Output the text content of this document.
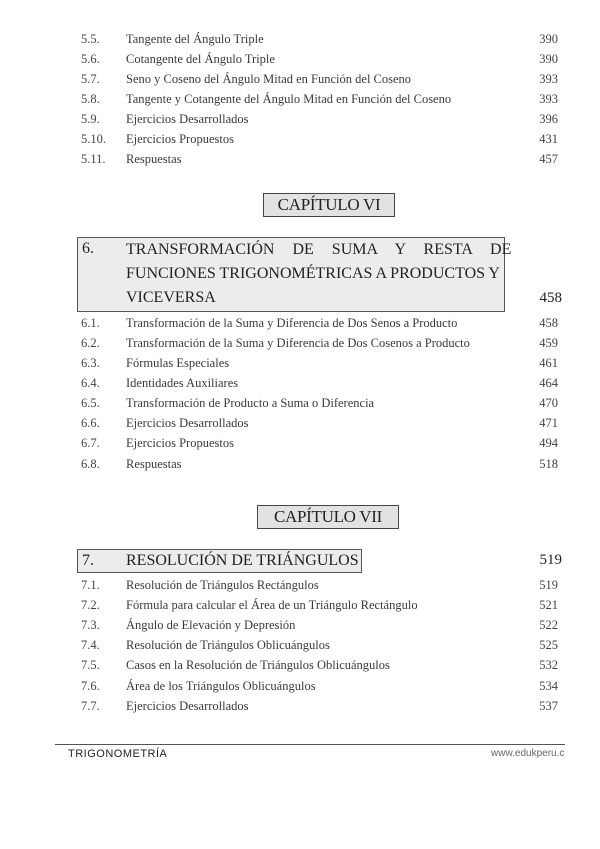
5.5. Tangente del Ángulo Triple	390
5.6. Cotangente del Ángulo Triple	390
5.7. Seno y Coseno del Ángulo Mitad en Función del Coseno	393
5.8. Tangente y Cotangente del Ángulo Mitad en Función del Coseno	393
5.9. Ejercicios Desarrollados	396
5.10. Ejercicios Propuestos	431
5.11. Respuestas	457
CAPÍTULO VI
6. TRANSFORMACIÓN DE SUMA Y RESTA DE
FUNCIONES TRIGONOMÉTRICAS A PRODUCTOS Y
VICEVERSA	458
6.1. Transformación de la Suma y Diferencia de Dos Senos a Producto	458
6.2. Transformación de la Suma y Diferencia de Dos Cosenos a Producto	459
6.3. Fórmulas Especiales	461
6.4. Identidades Auxiliares	464
6.5. Transformación de Producto a Suma o Diferencia	470
6.6. Ejercicios Desarrollados	471
6.7. Ejercicios Propuestos	494
6.8. Respuestas	518
CAPÍTULO VII
7. RESOLUCIÓN DE TRIÁNGULOS	519
7.1. Resolución de Triángulos Rectángulos	519
7.2. Fórmula para calcular el Área de un Triángulo Rectángulo	521
7.3. Ángulo de Elevación y Depresión	522
7.4. Resolución de Triángulos Oblicuángulos	525
7.5. Casos en la Resolución de Triángulos Oblicuángulos	532
7.6. Área de los Triángulos Oblicuángulos	534
7.7. Ejercicios Desarrollados	537
TRIGONOMETRÍA	www.edukperu.c
